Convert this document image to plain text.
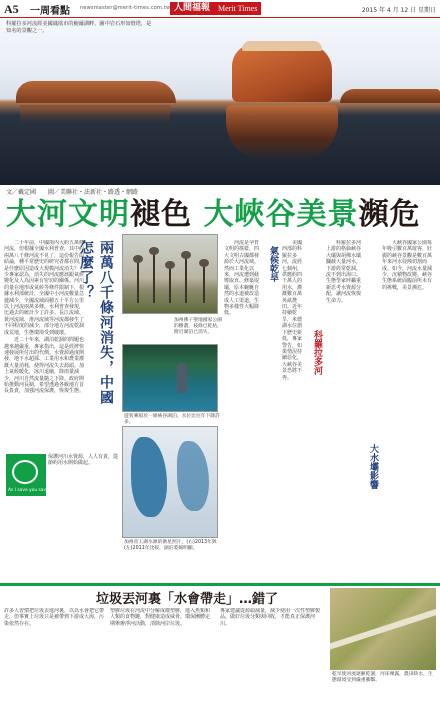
A5 一周看點 newsmaster@merit-times.com.tw 人間福報 Merit Times	2015 年 4 月 12 日 星期日

科羅拉多河流經美國鳳凰市的鮑爾湖畔，圖中岩石形如燈塔，是知名的景觀之一。

文／戴定國　　圖／美聯社・法新社・路透・網路
大河文明褪色 大峽谷美景瀕危

二十年前，中國境內大約五萬條河流，但根據全國水利普查，其中約兩萬八千條河流不見了，這份報告的結論，種平常歷史的研究者都在問，是什麼原因造成大規模河流消失？不少專家認為，消失的河流應該跟氣候變化及人為因素有密切的關係。河川的量在地形或氣候等條件限制下，根據水利部統計，全國中小河流數量急遽減少，全國流域面積五十平方公里以上河流兩萬多條，水利普查發現，比過去的統計少了許多。長江流域、黃河流域、淮河流域等河流都發生了不同程度的減少，部分地方河流乾涸成荒地，生態環境受到破壞。

近二十年來，湖泊乾涸的問題也越來越嚴重，專家指出，這是經濟快速發展所付出的代價。水資源過度開發、地下水超採、工業用水和農業灌溉大量消耗，使得河流失去源頭。加上氣候暖化，冰川退縮，降雨量減少，河川自然流量隨之下降。政府開始推動河長制，希望透過各級地方首長負責，加強河流保護，恢復生態。 兩萬八千條河消失，中國怎麼了？
As I save you save

保護河川水資源，人人有責，從節約用水開始做起。

加州佛子聖地國家公園的樹叢，枝條已乾枯，附近湖泊已消失。

遊客乘船於一條峽谷湖泊，水位比往年下降許多。

加州帝王湖水源的衛星照片，(右)2013年與(左)2011年比較，湖泊萎縮明顯。

河流是孕育文明的搖籃，四大文明古國都發源於大河流域。然而工業化以來，河流遭到截彎取直、修築堤壩，原本蜿蜒自然的水道被改造成人工渠道，生物多樣性大幅降低。

氣候乾旱

美國西部的科羅拉多河，流經七個州，供應約四千萬人的用水，灌溉數百萬英畝農田。近年持續乾旱，米德湖水位創下歷史新低，專家警告，如果情況持續惡化，大峽谷美景恐將不再。

科羅拉多河

科羅拉多河上游的格倫峽谷大壩與胡佛水壩攔截大量河水，下游經常乾涸，流不到出海口。生態學家呼籲重新思考水資源分配，讓河流恢復生命力。

大水壩影響

大峽谷國家公園每年吸引數百萬遊客，壯麗的峽谷景觀是數百萬年來河水侵蝕切割而成。如今，河流水量減少，沉積物改變，峽谷生態系統面臨前所未有的挑戰，美景瀕危。

垃圾丟河裏「水會帶走」…錯了

許多人習慣把垃圾丟進河裏，以為水會把它帶走，但事實上垃圾只是被帶到下游或大海，污染依然存在。

塑膠垃圾在河流中分解成微塑膠，進入魚類和人類的食物鏈，對健康造成威脅。環保團體定期舉辦淨河活動，清除河岸垃圾。

專家建議從源頭減量，減少使用一次性塑膠製品，做好垃圾分類與回收，才能真正保護河川。

乾旱使河流逐漸乾涸，河床裸露，農田缺水，生態環境受到嚴重衝擊。
